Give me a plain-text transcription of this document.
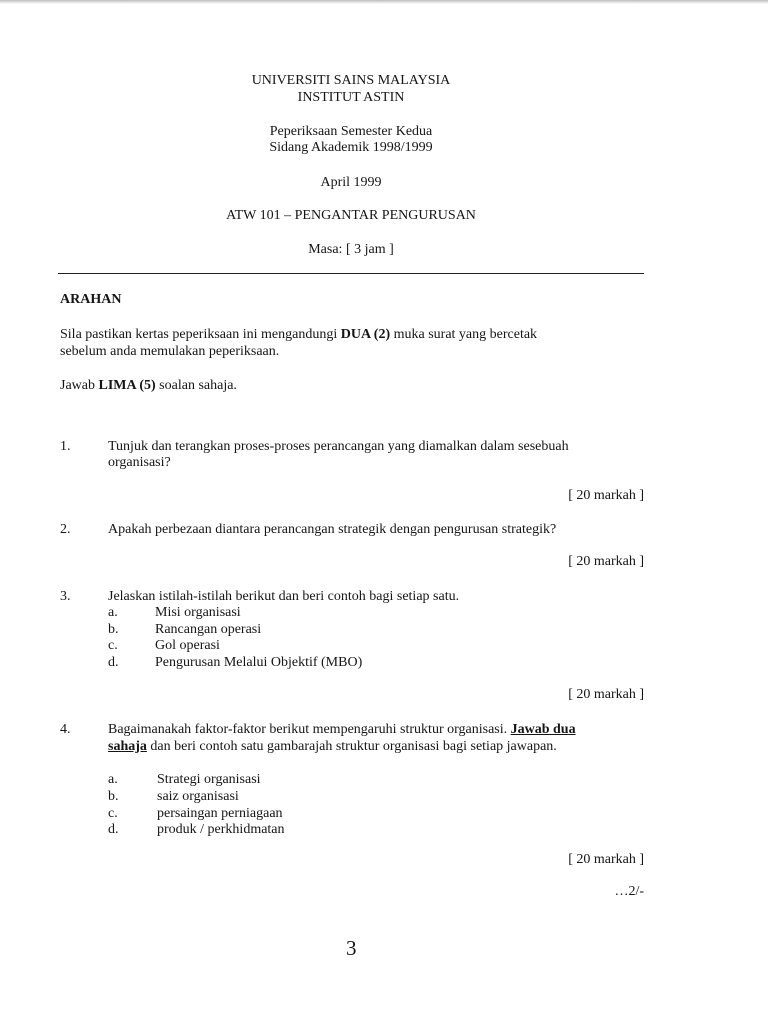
UNIVERSITI SAINS MALAYSIA
INSTITUT ASTIN
Peperiksaan Semester Kedua
Sidang Akademik 1998/1999
April 1999
ATW 101 – PENGANTAR PENGURUSAN
Masa: [ 3 jam ]
ARAHAN
Sila pastikan kertas peperiksaan ini mengandungi DUA (2) muka surat yang bercetak
sebelum anda memulakan peperiksaan.
Jawab LIMA (5) soalan sahaja.
1.	Tunjuk dan terangkan proses-proses perancangan yang diamalkan dalam sesebuah
organisasi?
[ 20 markah ]
2.	Apakah perbezaan diantara perancangan strategik dengan pengurusan strategik?
[ 20 markah ]
3.	Jelaskan istilah-istilah berikut dan beri contoh bagi setiap satu.
a.	Misi organisasi
b.	Rancangan operasi
c.	Gol operasi
d.	Pengurusan Melalui Objektif (MBO)
[ 20 markah ]
4.	Bagaimanakah faktor-faktor berikut mempengaruhi struktur organisasi. Jawab dua
sahaja dan beri contoh satu gambarajah struktur organisasi bagi setiap jawapan.
a.	Strategi organisasi
b.	saiz organisasi
c.	persaingan perniagaan
d.	produk / perkhidmatan
[ 20 markah ]
…2/-
3
